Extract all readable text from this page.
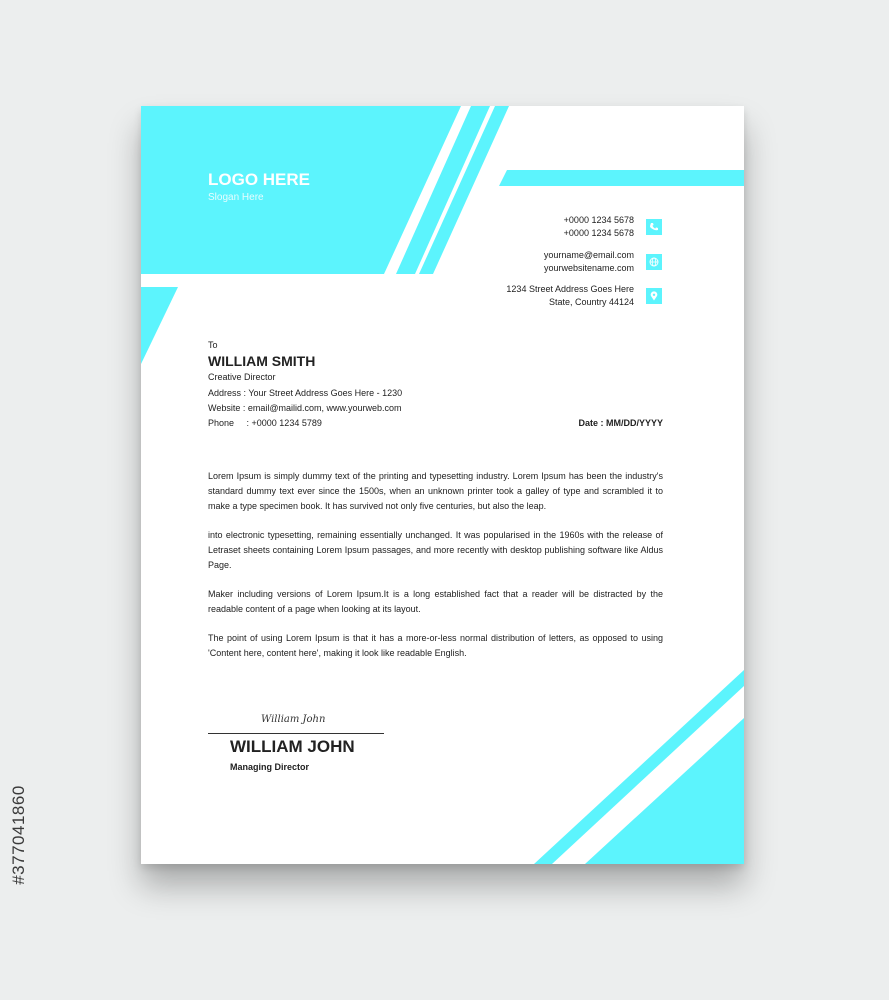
#377041860
LOGO HERE
Slogan Here
+0000 1234 5678
+0000 1234 5678
yourname@email.com
yourwebsitename.com
1234 Street Address Goes Here
State, Country 44124
To
WILLIAM SMITH
Creative Director
Address : Your Street Address Goes Here - 1230
Website : email@mailid.com, www.yourweb.com
Phone     : +0000 1234 5789	Date : MM/DD/YYYY

Lorem Ipsum is simply dummy text of the printing and typesetting industry. Lorem Ipsum has been the industry's standard dummy text ever since the 1500s, when an unknown printer took a galley of type and scrambled it to make a type specimen book. It has survived not only five centuries, but also the leap.

into electronic typesetting, remaining essentially unchanged. It was popularised in the 1960s with the release of Letraset sheets containing Lorem Ipsum passages, and more recently with desktop publishing software like Aldus Page.

Maker including versions of Lorem Ipsum.It is a long established fact that a reader will be distracted by the readable content of a page when looking at its layout.

The point of using Lorem Ipsum is that it has a more-or-less normal distribution of letters, as opposed to using 'Content here, content here', making it look like readable English.

William John
WILLIAM JOHN
Managing Director
